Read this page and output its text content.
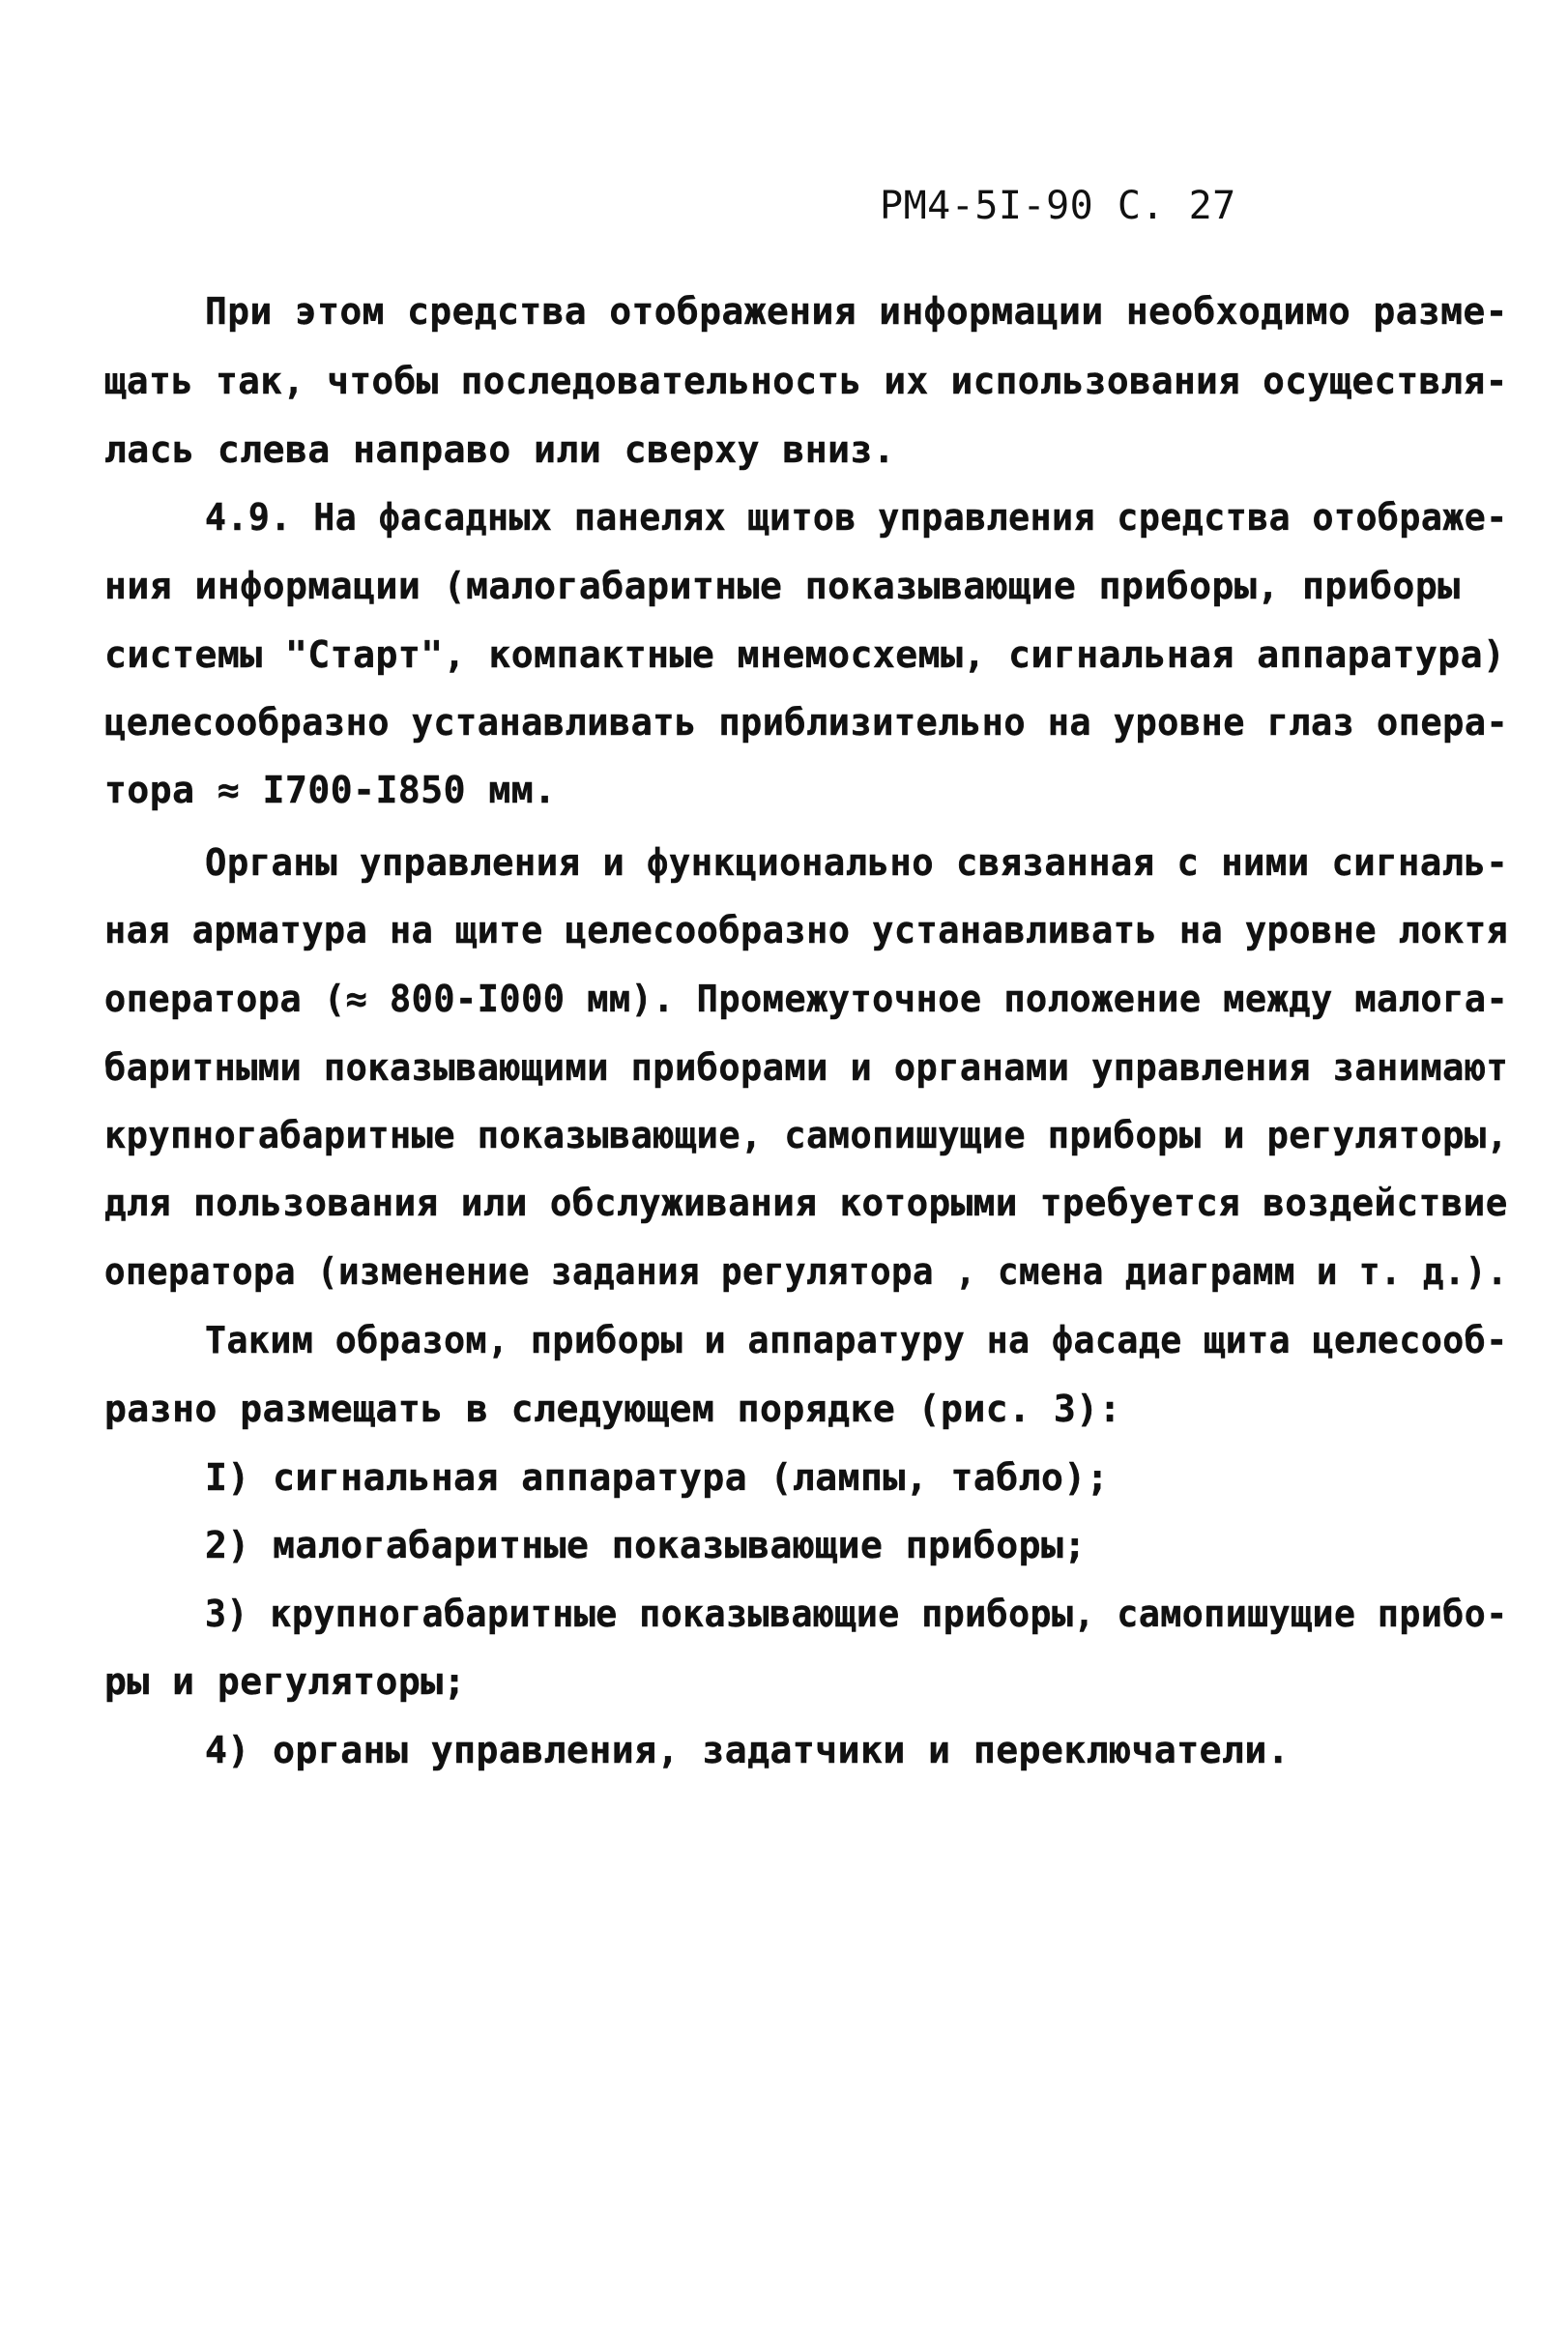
РМ4-5I-90 С. 27
При этом средства отображения информации необходимо разме-
щать так, чтобы последовательность их использования осуществля-
лась слева направо или сверху вниз.
4.9. На фасадных панелях щитов управления средства отображе-
ния информации (малогабаритные показывающие приборы, приборы
системы "Старт", компактные мнемосхемы, сигнальная аппаратура)
целесообразно устанавливать приблизительно на уровне глаз опера-
тора ≈ I700-I850 мм.
Органы управления и функционально связанная с ними сигналь-
ная арматура на щите целесообразно устанавливать на уровне локтя
оператора (≈ 800-I000 мм). Промежуточное положение между малога-
баритными показывающими приборами и органами управления занимают
крупногабаритные показывающие, самопишущие приборы и регуляторы,
для пользования или обслуживания которыми требуется воздействие
оператора (изменение задания регулятора , смена диаграмм и т. д.).
Таким образом, приборы и аппаратуру на фасаде щита целесооб-
разно размещать в следующем порядке (рис. 3):
I) сигнальная аппаратура (лампы, табло);
2) малогабаритные показывающие приборы;
3) крупногабаритные показывающие приборы, самопишущие прибо-
ры и регуляторы;
4) органы управления, задатчики и переключатели.
